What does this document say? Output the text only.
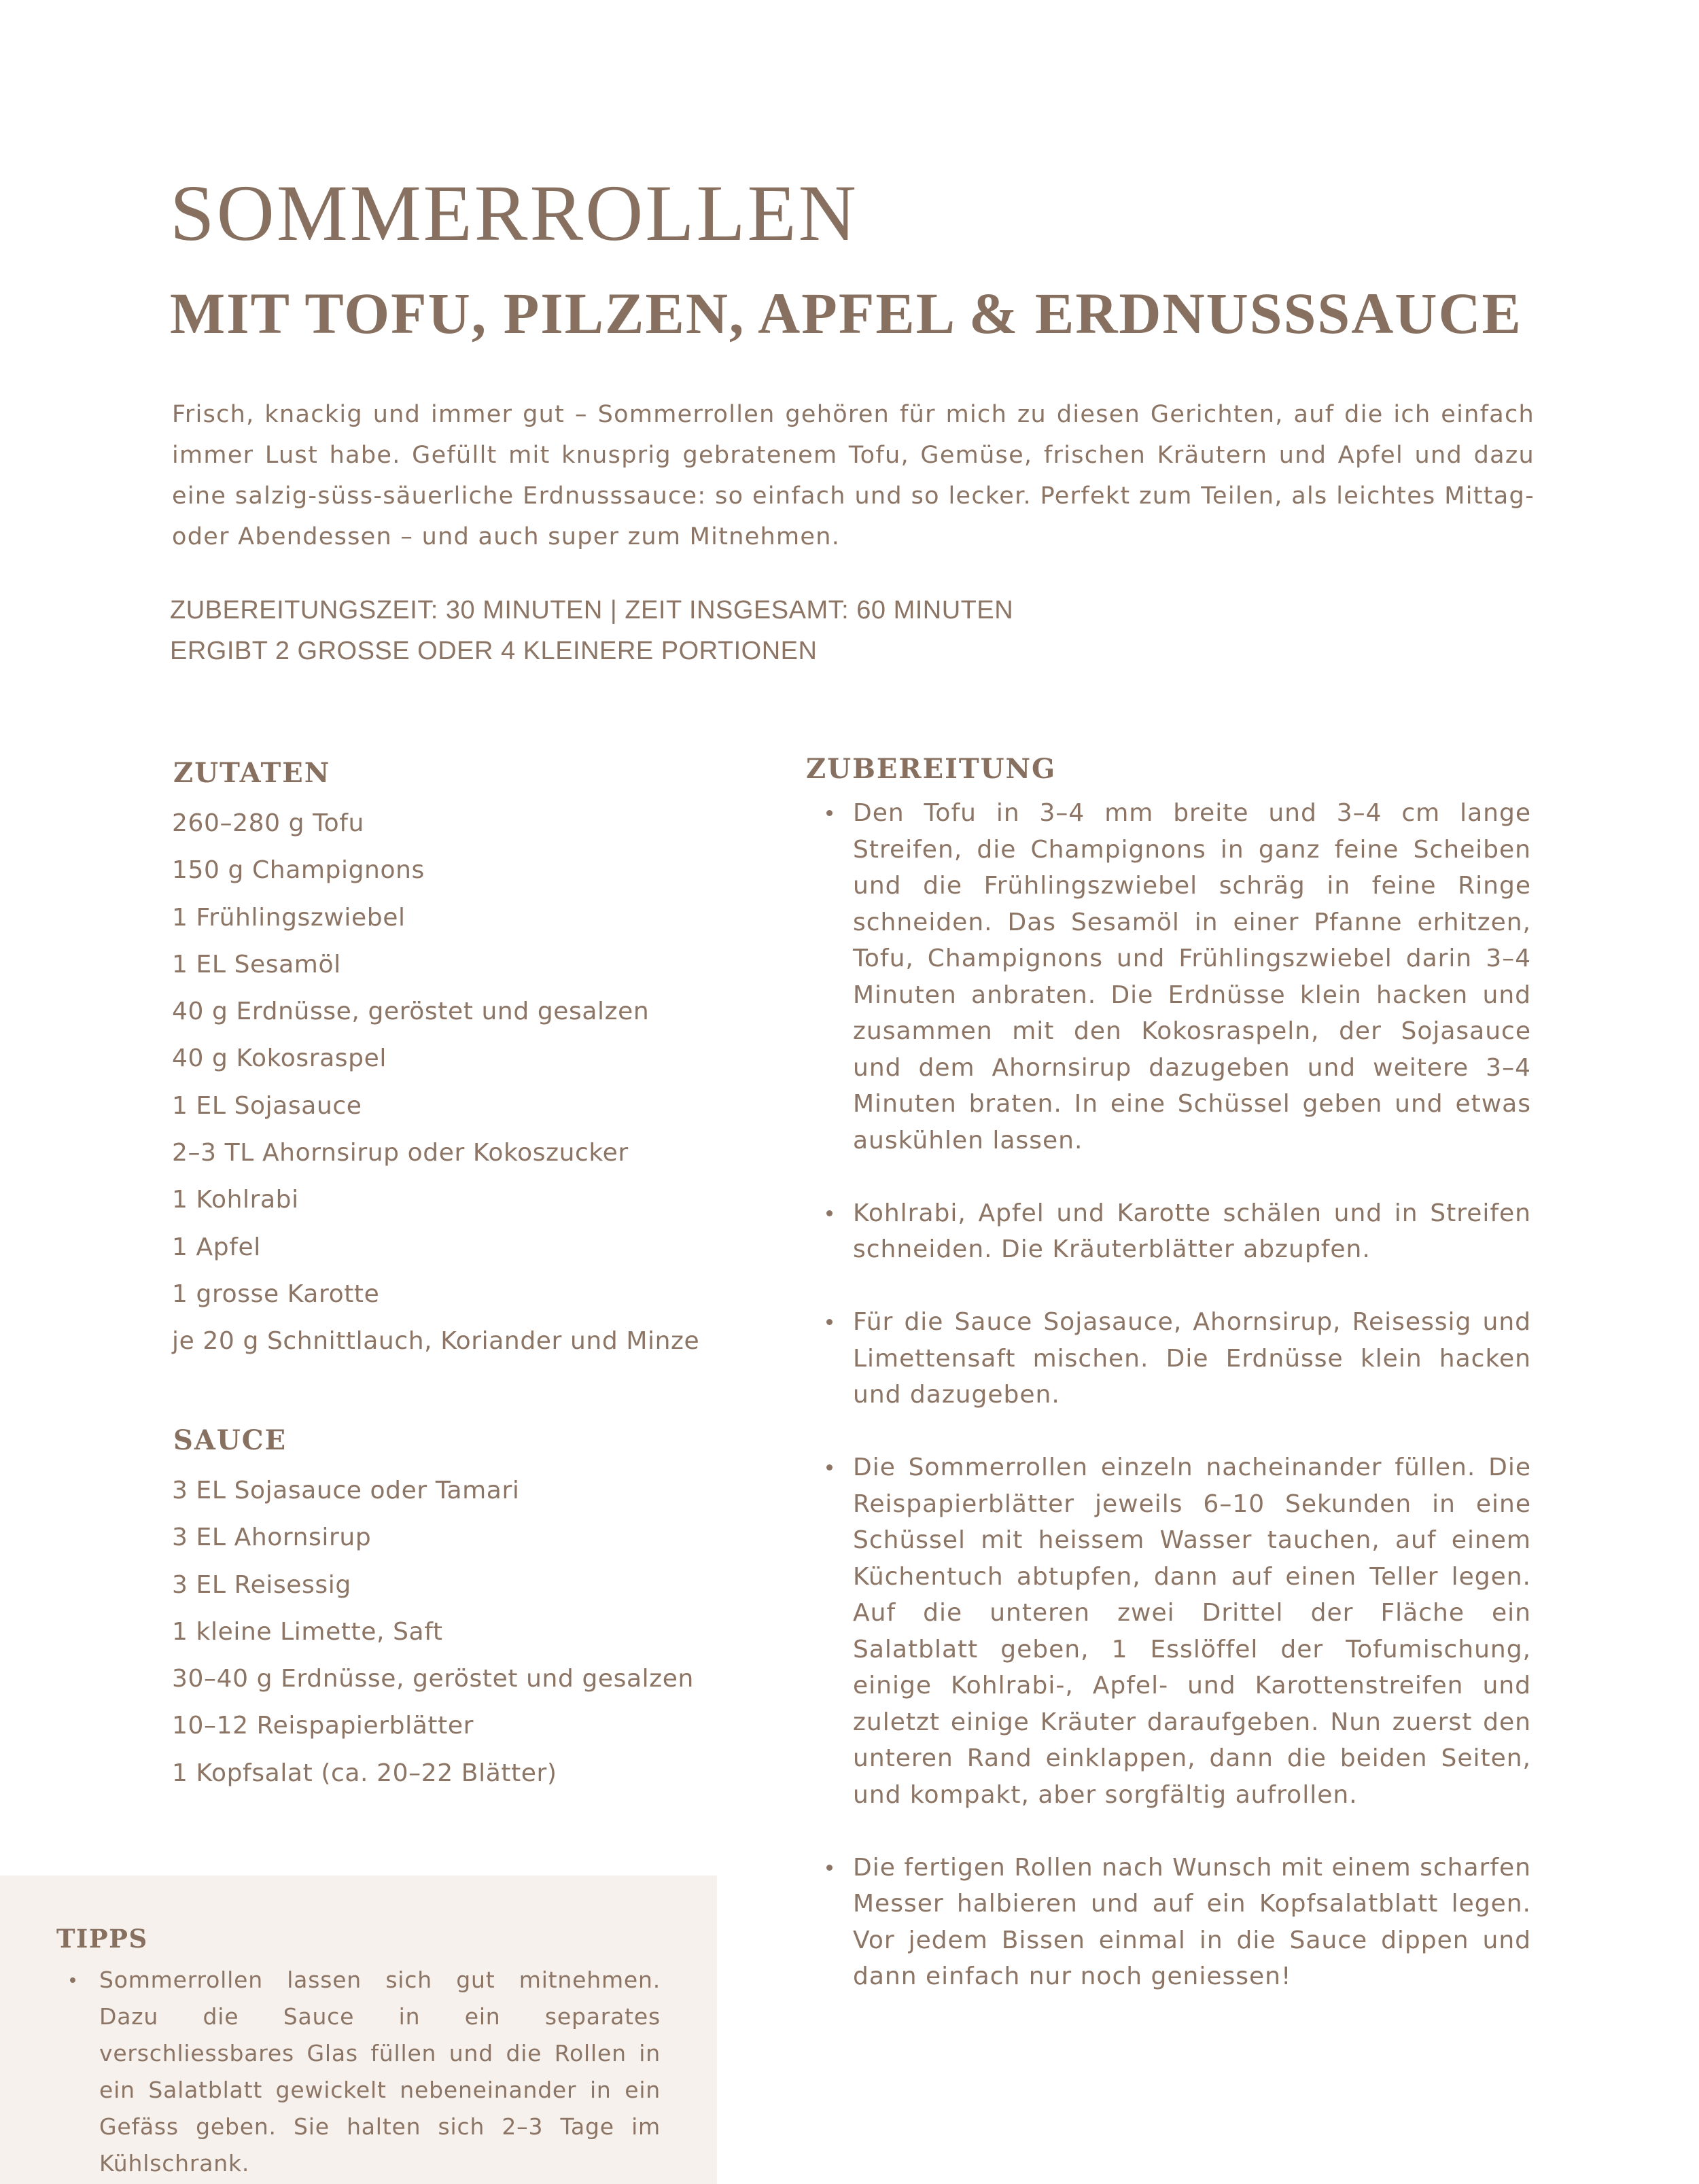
SOMMERROLLEN
MIT TOFU, PILZEN, APFEL & ERDNUSSSAUCE

Frisch, knackig und immer gut – Sommerrollen gehören für mich zu diesen Gerichten, auf die ich einfach immer Lust habe. Gefüllt mit knusprig gebratenem Tofu, Gemüse, frischen Kräutern und Apfel und dazu eine salzig-süss-säuerliche Erdnusssauce: so einfach und so lecker. Perfekt zum Teilen, als leichtes Mittag- oder Abendessen – und auch super zum Mitnehmen.

ZUBEREITUNGSZEIT: 30 MINUTEN | ZEIT INSGESAMT: 60 MINUTEN
ERGIBT 2 GROSSE ODER 4 KLEINERE PORTIONEN
ZUTATEN
260–280 g Tofu
150 g Champignons
1 Frühlingszwiebel
1 EL Sesamöl
40 g Erdnüsse, geröstet und gesalzen
40 g Kokosraspel
1 EL Sojasauce
2–3 TL Ahornsirup oder Kokoszucker
1 Kohlrabi
1 Apfel
1 grosse Karotte
je 20 g Schnittlauch, Koriander und Minze
SAUCE
3 EL Sojasauce oder Tamari
3 EL Ahornsirup
3 EL Reisessig
1 kleine Limette, Saft
30–40 g Erdnüsse, geröstet und gesalzen
10–12 Reispapierblätter
1 Kopfsalat (ca. 20–22 Blätter)
ZUBEREITUNG
Den Tofu in 3–4 mm breite und 3–4 cm lange Streifen, die Champignons in ganz feine Scheiben und die Frühlingszwiebel schräg in feine Ringe schneiden. Das Sesamöl in einer Pfanne erhitzen, Tofu, Champignons und Frühlingszwiebel darin 3–4 Minuten anbraten. Die Erdnüsse klein hacken und zusammen mit den Kokosraspeln, der Sojasauce und dem Ahornsirup dazugeben und weitere 3–4 Minuten braten. In eine Schüssel geben und etwas auskühlen lassen.
Kohlrabi, Apfel und Karotte schälen und in Streifen schneiden. Die Kräuterblätter abzupfen.
Für die Sauce Sojasauce, Ahornsirup, Reisessig und Limettensaft mischen. Die Erdnüsse klein hacken und dazugeben.
Die Sommerrollen einzeln nacheinander füllen. Die Reispapierblätter jeweils 6–10 Sekunden in eine Schüssel mit heissem Wasser tauchen, auf einem Küchentuch abtupfen, dann auf einen Teller legen. Auf die unteren zwei Drittel der Fläche ein Salatblatt geben, 1 Esslöffel der Tofumischung, einige Kohlrabi-, Apfel- und Karottenstreifen und zuletzt einige Kräuter daraufgeben. Nun zuerst den unteren Rand einklappen, dann die beiden Seiten, und kompakt, aber sorgfältig aufrollen.
Die fertigen Rollen nach Wunsch mit einem scharfen Messer halbieren und auf ein Kopfsalatblatt legen. Vor jedem Bissen einmal in die Sauce dippen und dann einfach nur noch geniessen!
TIPPS
Sommerrollen lassen sich gut mitnehmen. Dazu die Sauce in ein separates verschliessbares Glas füllen und die Rollen in ein Salatblatt gewickelt nebeneinander in ein Gefäss geben. Sie halten sich 2–3 Tage im Kühlschrank.
